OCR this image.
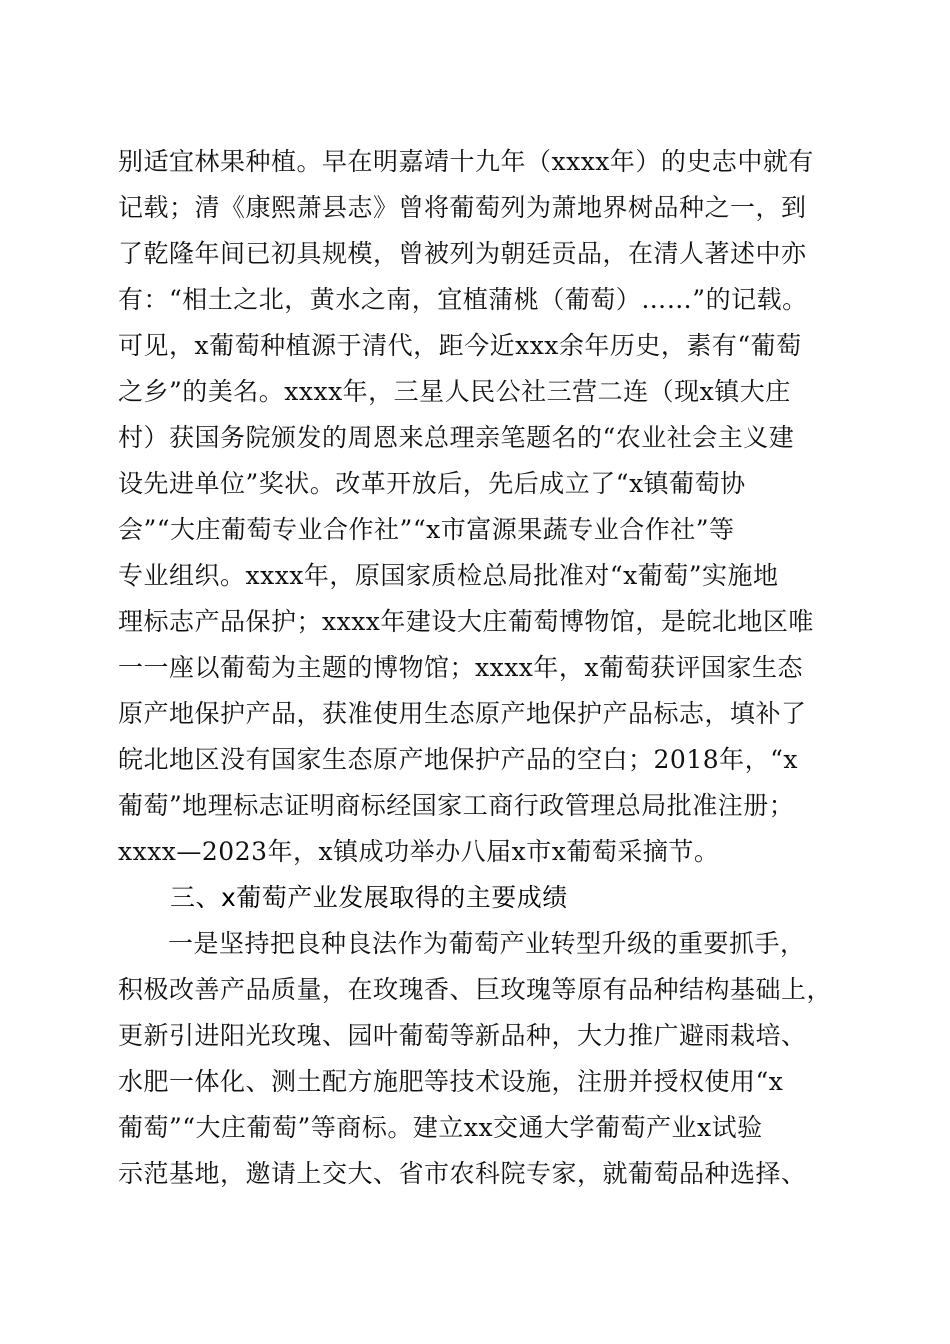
别适宜林果种植。早在明嘉靖十九年（xxxx年）的史志中就有
记载；清《康熙萧县志》曾将葡萄列为萧地界树品种之一，到
了乾隆年间已初具规模，曾被列为朝廷贡品，在清人著述中亦
有：“相土之北，黄水之南，宜植蒲桃（葡萄）……”的记载。
可见，x葡萄种植源于清代，距今近xxx余年历史，素有“葡萄
之乡”的美名。xxxx年，三星人民公社三营二连（现x镇大庄
村）获国务院颁发的周恩来总理亲笔题名的“农业社会主义建
设先进单位”奖状。改革开放后，先后成立了“x镇葡萄协
会”“大庄葡萄专业合作社”“x市富源果蔬专业合作社”等
专业组织。xxxx年，原国家质检总局批准对“x葡萄”实施地
理标志产品保护；xxxx年建设大庄葡萄博物馆，是皖北地区唯
一一座以葡萄为主题的博物馆；xxxx年，x葡萄获评国家生态
原产地保护产品，获准使用生态原产地保护产品标志，填补了
皖北地区没有国家生态原产地保护产品的空白；2018年，“x
葡萄”地理标志证明商标经国家工商行政管理总局批准注册；
xxxx—2023年，x镇成功举办八届x市x葡萄采摘节。
三、x葡萄产业发展取得的主要成绩
一是坚持把良种良法作为葡萄产业转型升级的重要抓手，
积极改善产品质量，在玫瑰香、巨玫瑰等原有品种结构基础上，
更新引进阳光玫瑰、园叶葡萄等新品种，大力推广避雨栽培、
水肥一体化、测土配方施肥等技术设施，注册并授权使用“x
葡萄”“大庄葡萄”等商标。建立xx交通大学葡萄产业x试验
示范基地，邀请上交大、省市农科院专家，就葡萄品种选择、
